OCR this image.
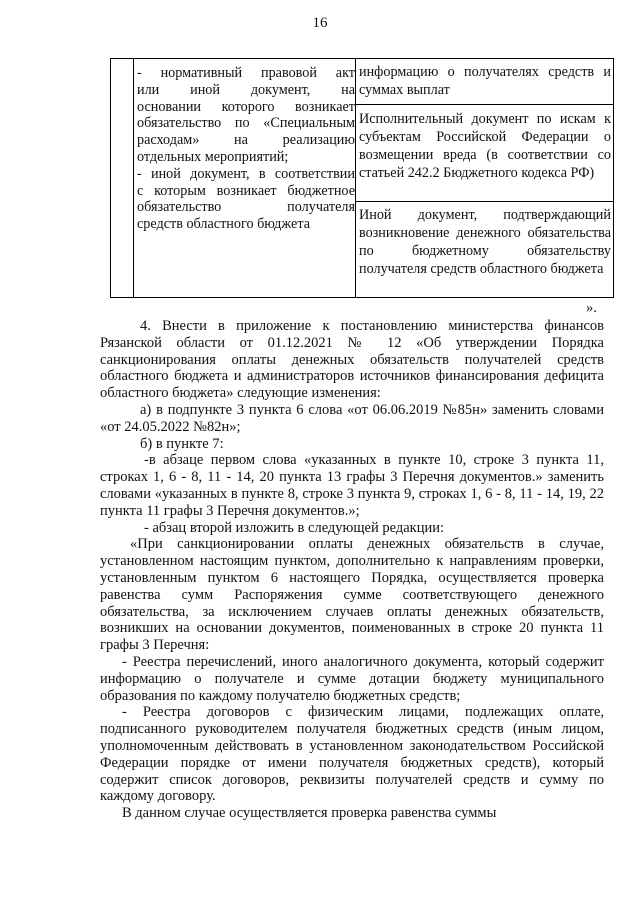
16
- нормативный правовой акт
или иной документ, на
основании которого возникает
обязательство по «Специальным
расходам» на реализацию
отдельных мероприятий;
- иной документ, в соответствии
с которым возникает бюджетное
обязательство получателя
средств областного бюджета
информацию о получателях средств и суммах выплат
Исполнительный документ по искам к субъектам Российской Федерации о возмещении вреда (в соответствии со статьей 242.2 Бюджетного кодекса РФ)
Иной документ, подтверждающий возникновение денежного обязательства по бюджетному обязательству получателя средств областного бюджета
».

4. Внести в приложение к постановлению министерства финансов Рязанской области от 01.12.2021 № 12 «Об утверждении Порядка санкционирования оплаты денежных обязательств получателей средств областного бюджета и администраторов источников финансирования дефицита областного бюджета» следующие изменения:

а) в подпункте 3 пункта 6 слова «от 06.06.2019 №85н» заменить словами «от 24.05.2022 №82н»;

б) в пункте 7:

-в абзаце первом слова «указанных в пункте 10, строке 3 пункта 11, строках 1, 6 - 8, 11 - 14, 20 пункта 13 графы 3 Перечня документов.» заменить словами «указанных в пункте 8, строке 3 пункта 9, строках 1, 6 - 8, 11 - 14, 19, 22 пункта 11 графы 3 Перечня документов.»;

- абзац второй изложить в следующей редакции:

«При санкционировании оплаты денежных обязательств в случае, установленном настоящим пунктом, дополнительно к направлениям проверки, установленным пунктом 6 настоящего Порядка, осуществляется проверка равенства сумм Распоряжения сумме соответствующего денежного обязательства, за исключением случаев оплаты денежных обязательств, возникших на основании документов, поименованных в строке 20 пункта 11 графы 3 Перечня:

- Реестра перечислений, иного аналогичного документа, который содержит информацию о получателе и сумме дотации бюджету муниципального образования по каждому получателю бюджетных средств;

- Реестра договоров с физическим лицами, подлежащих оплате, подписанного руководителем получателя бюджетных средств (иным лицом, уполномоченным действовать в установленном законодательством Российской Федерации порядке от имени получателя бюджетных средств), который содержит список договоров, реквизиты получателей средств и сумму по каждому договору.

В данном случае осуществляется проверка равенства суммы
